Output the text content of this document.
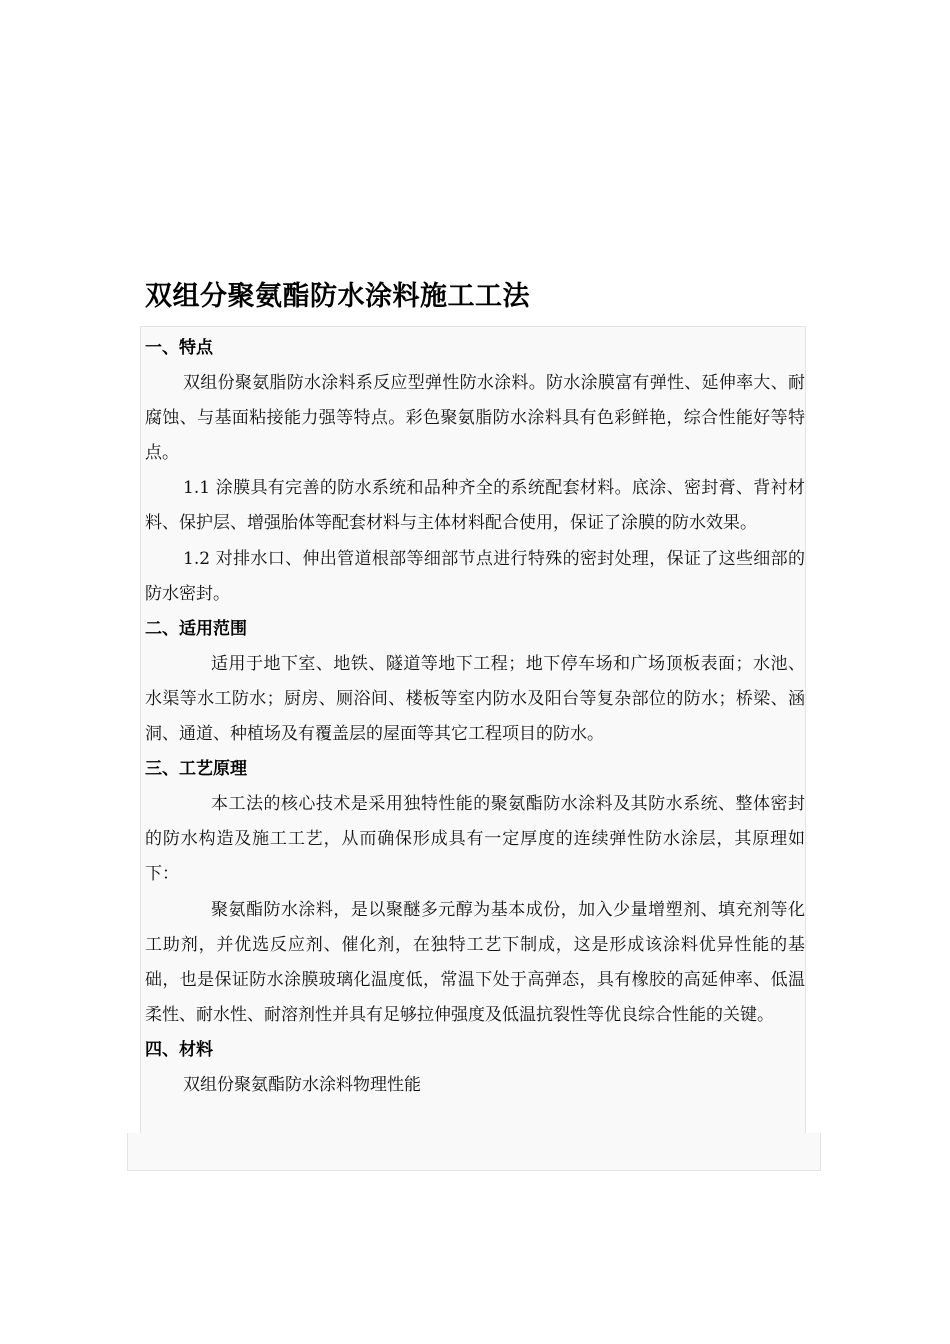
双组分聚氨酯防水涂料施工工法

一、特点

双组份聚氨脂防水涂料系反应型弹性防水涂料。防水涂膜富有弹性、延伸率大、耐腐蚀、与基面粘接能力强等特点。彩色聚氨脂防水涂料具有色彩鲜艳，综合性能好等特点。

1.1 涂膜具有完善的防水系统和品种齐全的系统配套材料。底涂、密封膏、背衬材料、保护层、增强胎体等配套材料与主体材料配合使用，保证了涂膜的防水效果。

1.2 对排水口、伸出管道根部等细部节点进行特殊的密封处理，保证了这些细部的防水密封。

二、适用范围

适用于地下室、地铁、隧道等地下工程；地下停车场和广场顶板表面；水池、水渠等水工防水；厨房、厕浴间、楼板等室内防水及阳台等复杂部位的防水；桥梁、涵洞、通道、种植场及有覆盖层的屋面等其它工程项目的防水。

三、工艺原理

本工法的核心技术是采用独特性能的聚氨酯防水涂料及其防水系统、整体密封的防水构造及施工工艺，从而确保形成具有一定厚度的连续弹性防水涂层，其原理如下：

聚氨酯防水涂料，是以聚醚多元醇为基本成份，加入少量增塑剂、填充剂等化工助剂，并优选反应剂、催化剂，在独特工艺下制成，这是形成该涂料优异性能的基础，也是保证防水涂膜玻璃化温度低，常温下处于高弹态，具有橡胶的高延伸率、低温柔性、耐水性、耐溶剂性并具有足够拉伸强度及低温抗裂性等优良综合性能的关键。

四、材料

双组份聚氨酯防水涂料物理性能
